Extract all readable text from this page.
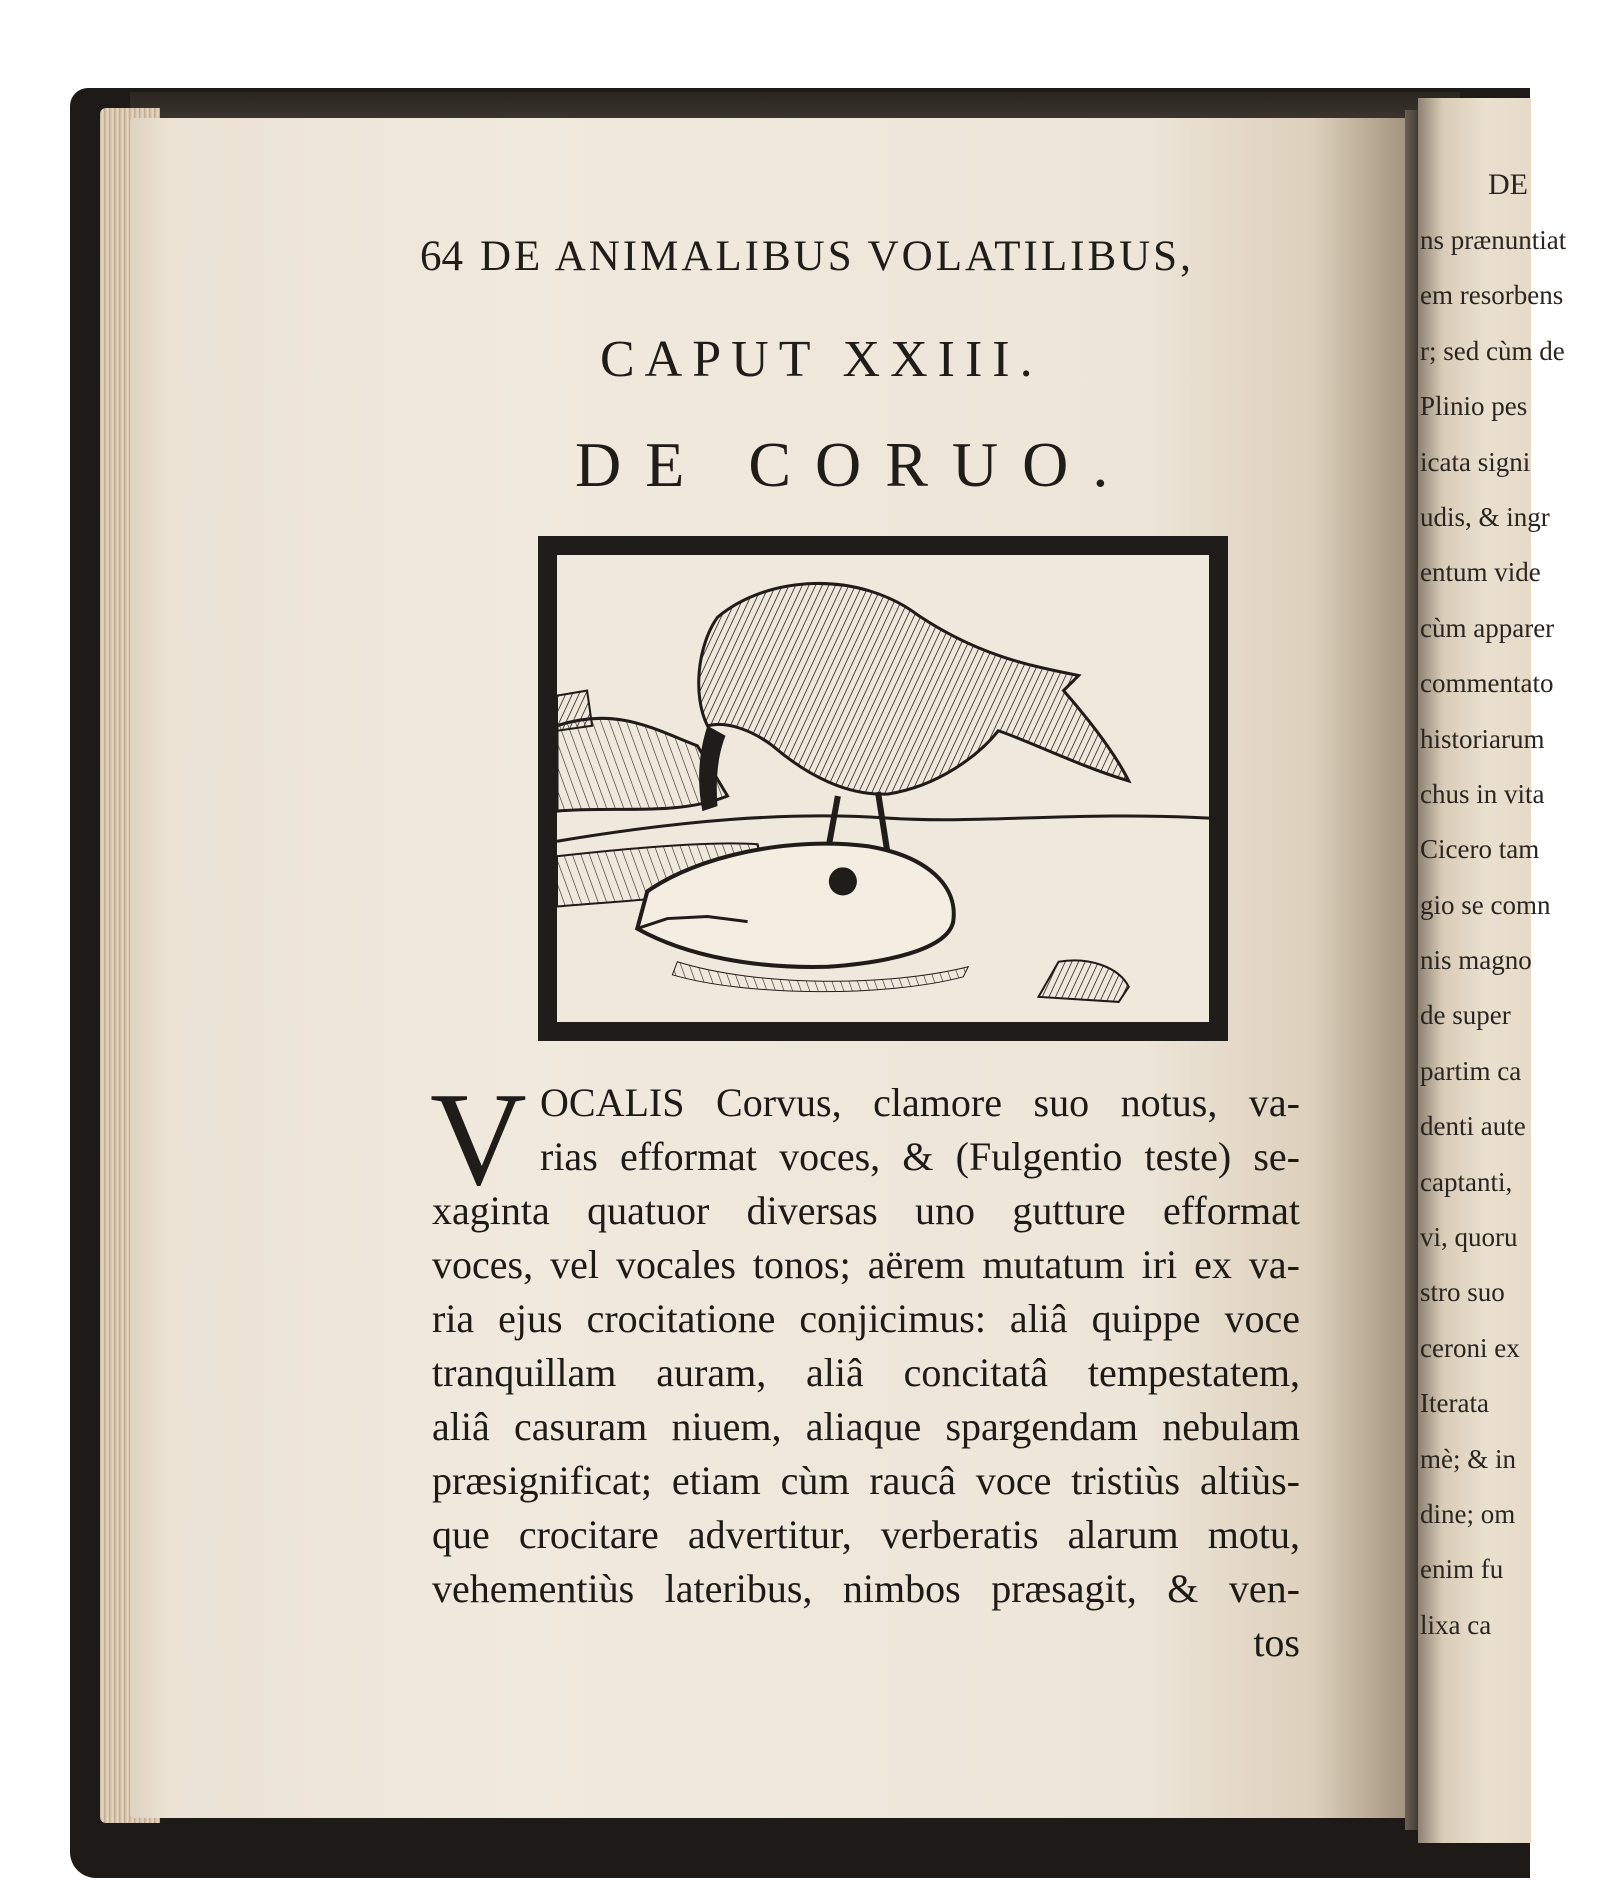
64 DE ANIMALIBUS VOLATILIBUS,
CAPUT XXIII.
DE CORUO.
V OCALIS Corvus, clamore suo notus, va-
rias efformat voces, & (Fulgentio teste) se-
xaginta quatuor diversas uno gutture efformat
voces, vel vocales tonos; aërem mutatum iri ex va-
ria ejus crocitatione conjicimus: aliâ quippe voce
tranquillam auram, aliâ concitatâ tempestatem,
aliâ casuram niuem, aliaque spargendam nebulam
præsignificat; etiam cùm raucâ voce tristiùs altiùs-
que crocitare advertitur, verberatis alarum motu,
vehementiùs lateribus, nimbos præsagit, & ven-
tos
DE
ns prænuntiat
em resorbens
r; sed cùm de
Plinio pes
icata signi
udis, & ingr
entum vide
cùm apparer
commentato
historiarum
chus in vita
Cicero tam
gio se comn
nis magno
de super
partim ca
denti aute
captanti,
vi, quoru
stro suo
ceroni ex
Iterata
mè; & in
dine; om
enim fu
lixa ca
